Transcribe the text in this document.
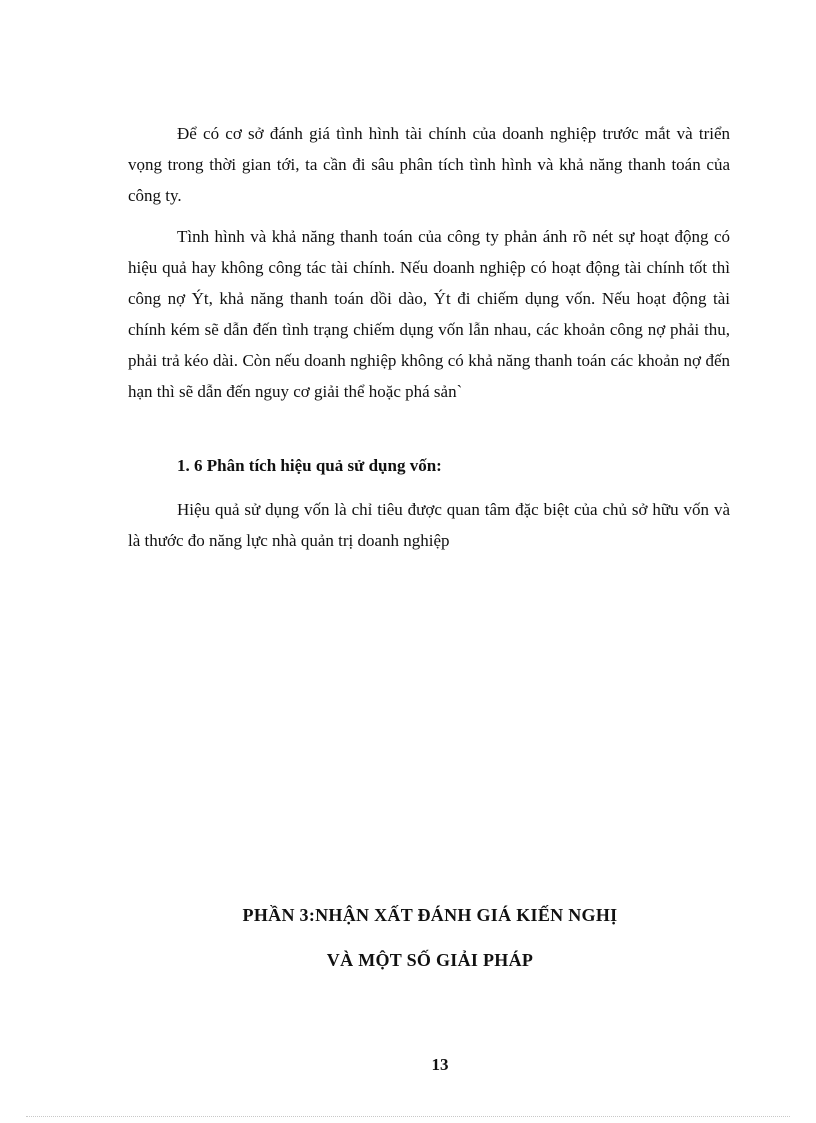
Để có cơ sở đánh giá tình hình tài chính của doanh nghiệp trước mắt và triển vọng trong thời gian tới, ta cần đi sâu phân tích tình hình và khả năng thanh toán của công ty.

Tình hình và khả năng thanh toán của công ty phản ánh rõ nét sự hoạt động có hiệu quả hay không công tác tài chính. Nếu doanh nghiệp có hoạt động tài chính tốt thì công nợ Ýt, khả năng thanh toán dồi dào, Ýt đi chiếm dụng vốn. Nếu hoạt động tài chính kém sẽ dẫn đến tình trạng chiếm dụng vốn lẫn nhau, các khoản công nợ phải thu, phải trả kéo dài. Còn nếu doanh nghiệp không có khả năng thanh toán các khoản nợ đến hạn thì sẽ dẫn đến nguy cơ giải thể hoặc phá sản`

1. 6 Phân tích hiệu quả sử dụng vốn:

Hiệu quả sử dụng vốn là chỉ tiêu được quan tâm đặc biệt của chủ sở hữu vốn và là thước đo năng lực nhà quản trị doanh nghiệp

PHẦN 3:NHẬN XẤT ĐÁNH GIÁ KIẾN NGHỊ
VÀ MỘT SỐ GIẢI PHÁP
13
